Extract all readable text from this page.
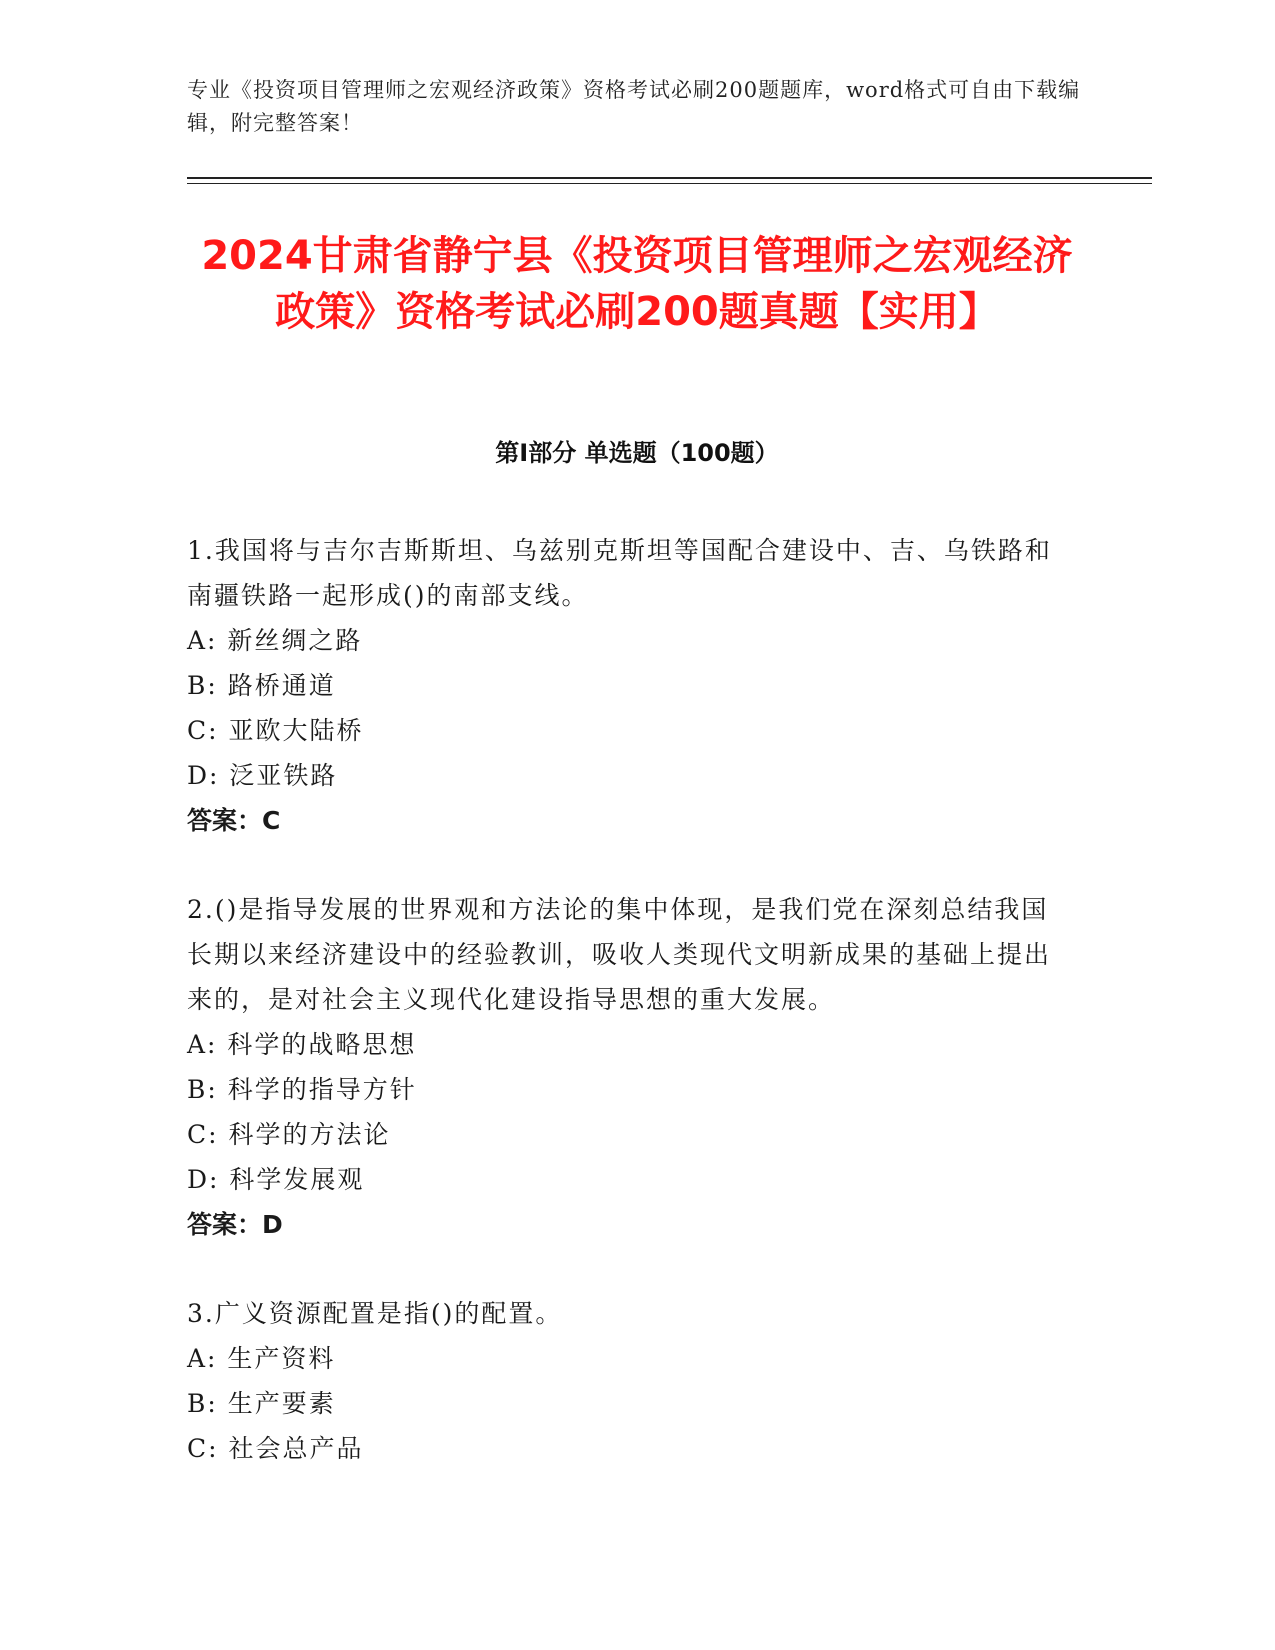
专业《投资项目管理师之宏观经济政策》资格考试必刷200题题库，word格式可自由下载编辑，附完整答案！
2024甘肃省静宁县《投资项目管理师之宏观经济政策》资格考试必刷200题真题【实用】
第I部分 单选题（100题）

1.我国将与吉尔吉斯斯坦、乌兹别克斯坦等国配合建设中、吉、乌铁路和南疆铁路一起形成()的南部支线。

A: 新丝绸之路

B: 路桥通道

C: 亚欧大陆桥

D: 泛亚铁路

答案：C

2.()是指导发展的世界观和方法论的集中体现，是我们党在深刻总结我国长期以来经济建设中的经验教训，吸收人类现代文明新成果的基础上提出来的，是对社会主义现代化建设指导思想的重大发展。

A: 科学的战略思想

B: 科学的指导方针

C: 科学的方法论

D: 科学发展观

答案：D

3.广义资源配置是指()的配置。

A: 生产资料

B: 生产要素

C: 社会总产品
